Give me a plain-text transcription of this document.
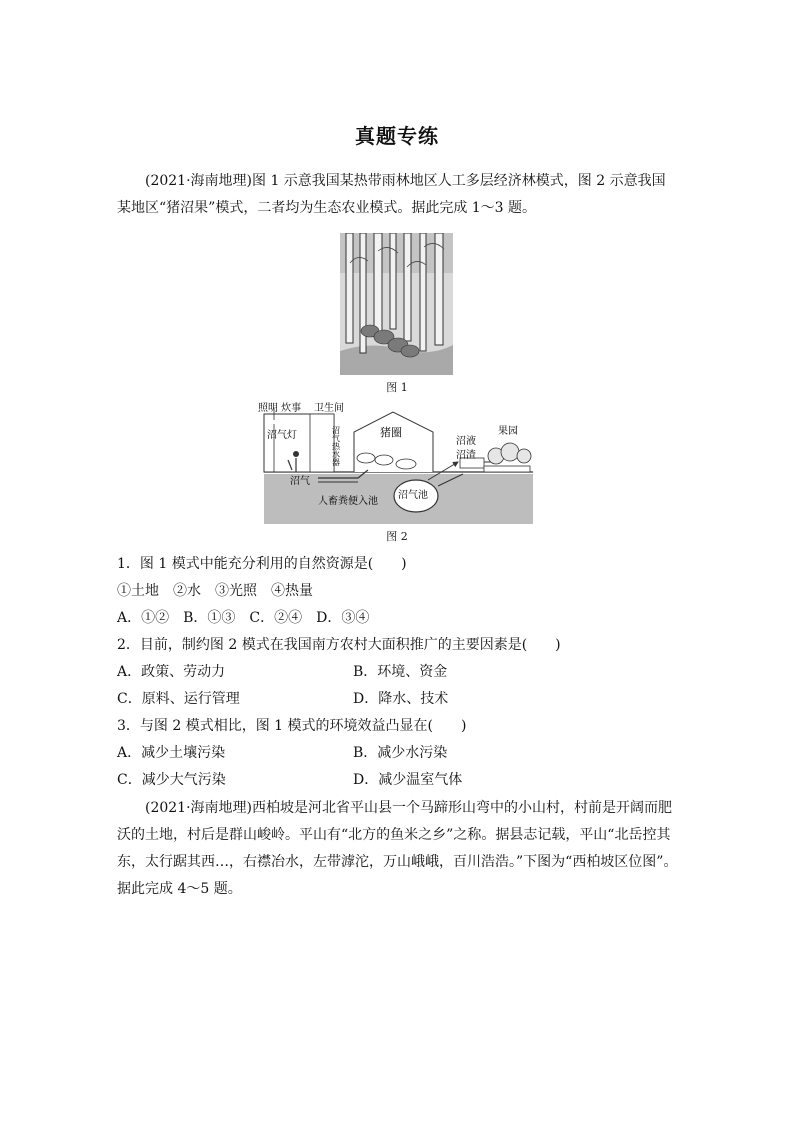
真题专练
(2021·海南地理)图 1 示意我国某热带雨林地区人工多层经济林模式，图 2 示意我国某地区“猪沼果”模式，二者均为生态农业模式。据此完成 1～3 题。
图 1
照明 炊事 卫生间
沼气灯	沼气热水器	猪圈
沼液
沼渣
果园
沼气
人畜粪便入池
沼气池
图 2
1．图 1 模式中能充分利用的自然资源是(　　)
①土地　②水　③光照　④热量
A．①②　B．①③　C．②④　D．③④
2．目前，制约图 2 模式在我国南方农村大面积推广的主要因素是(　　)
A．政策、劳动力	B．环境、资金
C．原料、运行管理	D．降水、技术
3．与图 2 模式相比，图 1 模式的环境效益凸显在(　　)
A．减少土壤污染	B．减少水污染
C．减少大气污染	D．减少温室气体
(2021·海南地理)西柏坡是河北省平山县一个马蹄形山弯中的小山村，村前是开阔而肥沃的土地，村后是群山峻岭。平山有“北方的鱼米之乡”之称。据县志记载，平山“北岳控其东，太行踞其西…，右襟冶水，左带滹沱，万山峨峨，百川浩浩。”下图为“西柏坡区位图”。据此完成 4～5 题。
